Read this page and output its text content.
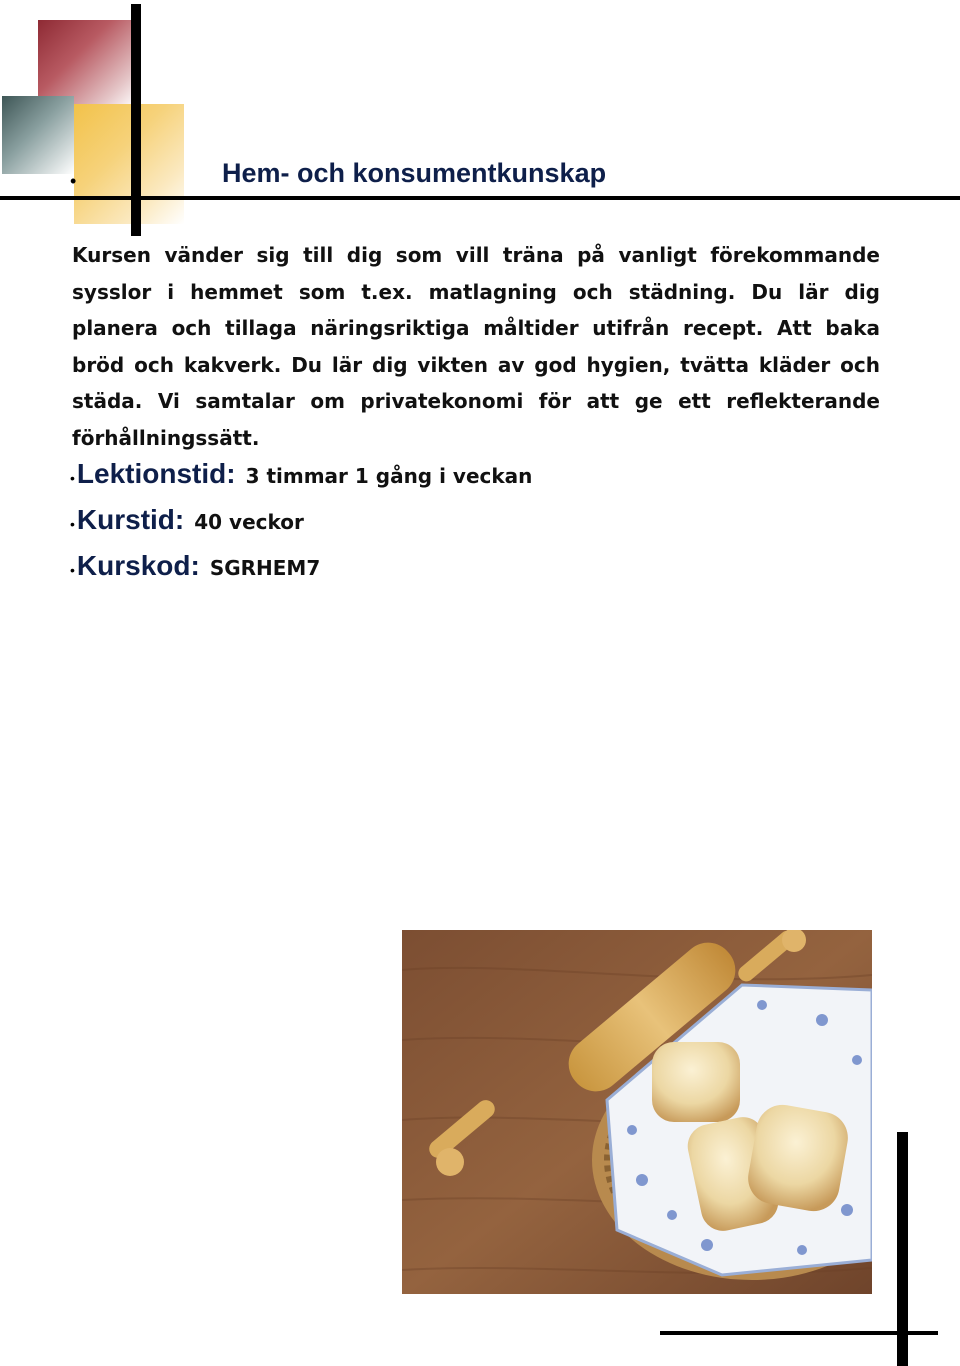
•	Hem- och konsumentkunskap

Kursen vänder sig till dig som vill träna på vanligt förekommande sysslor i hemmet som t.ex. matlagning och städning. Du lär dig planera och tillaga näringsriktiga måltider utifrån recept. Att baka bröd och kakverk. Du lär dig vikten av god hygien, tvätta kläder och städa. Vi samtalar om privatekonomi för att ge ett reflekterande förhållningssätt.

• Lektionstid: 3 timmar 1 gång i veckan
• Kurstid: 40 veckor
• Kurskod: SGRHEM7
